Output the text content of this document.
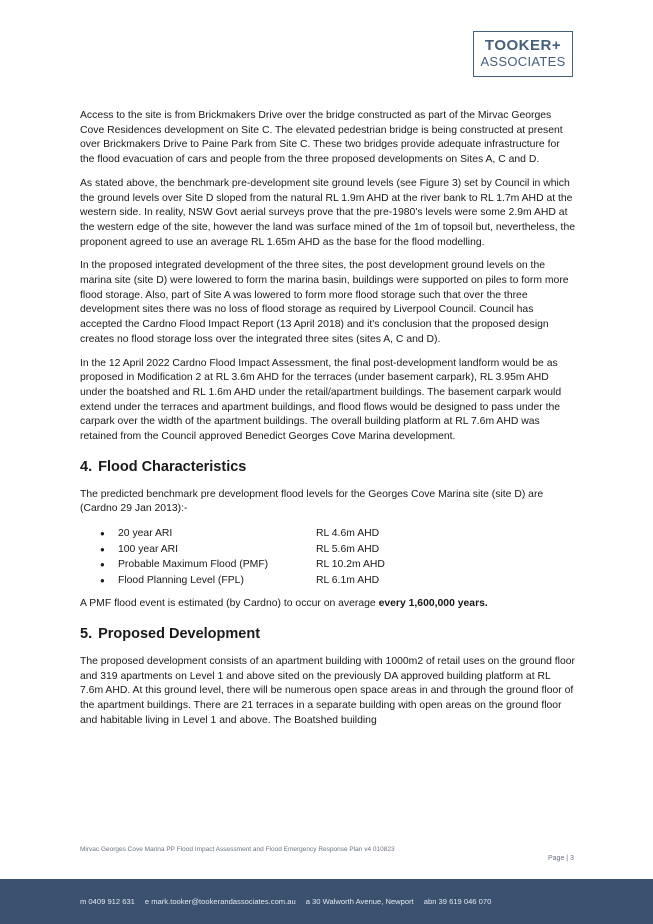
TOOKER+
ASSOCIATES

Access to the site is from Brickmakers Drive over the bridge constructed as part of the Mirvac Georges Cove Residences development on Site C. The elevated pedestrian bridge is being constructed at present over Brickmakers Drive to Paine Park from Site C. These two bridges provide adequate infrastructure for the flood evacuation of cars and people from the three proposed developments on Sites A, C and D.

As stated above, the benchmark pre-development site ground levels (see Figure 3) set by Council in which the ground levels over Site D sloped from the natural RL 1.9m AHD at the river bank to RL 1.7m AHD at the western side. In reality, NSW Govt aerial surveys prove that the pre-1980's levels were some 2.9m AHD at the western edge of the site, however the land was surface mined of the 1m of topsoil but, nevertheless, the proponent agreed to use an average RL 1.65m AHD as the base for the flood modelling.

In the proposed integrated development of the three sites, the post development ground levels on the marina site (site D) were lowered to form the marina basin, buildings were supported on piles to form more flood storage. Also, part of Site A was lowered to form more flood storage such that over the three development sites there was no loss of flood storage as required by Liverpool Council. Council has accepted the Cardno Flood Impact Report (13 April 2018) and it's conclusion that the proposed design creates no flood storage loss over the integrated three sites (sites A, C and D).

In the 12 April 2022 Cardno Flood Impact Assessment, the final post-development landform would be as proposed in Modification 2 at RL 3.6m AHD for the terraces (under basement carpark), RL 3.95m AHD under the boatshed and RL 1.6m AHD under the retail/apartment buildings. The basement carpark would extend under the terraces and apartment buildings, and flood flows would be designed to pass under the carpark over the width of the apartment buildings. The overall building platform at RL 7.6m AHD was retained from the Council approved Benedict Georges Cove Marina development.

4. Flood Characteristics

The predicted benchmark pre development flood levels for the Georges Cove Marina site (site D) are (Cardno 29 Jan 2013):-

●	20 year ARI	RL 4.6m AHD
●	100 year ARI	RL 5.6m AHD
●	Probable Maximum Flood (PMF)	RL 10.2m AHD
●	Flood Planning Level (FPL)	RL 6.1m AHD

A PMF flood event is estimated (by Cardno) to occur on average every 1,600,000 years.

5. Proposed Development

The proposed development consists of an apartment building with 1000m2 of retail uses on the ground floor and 319 apartments on Level 1 and above sited on the previously DA approved building platform at RL 7.6m AHD. At this ground level, there will be numerous open space areas in and through the ground floor of the apartment buildings. There are 21 terraces in a separate building with open areas on the ground floor and habitable living in Level 1 and above. The Boatshed building

Mirvac Georges Cove Marina PP Flood Impact Assessment and Flood Emergency Response Plan v4 010823
Page | 3
m 0409 912 631 e mark.tooker@tookerandassociates.com.au a 30 Walworth Avenue, Newport abn 39 619 046 070
